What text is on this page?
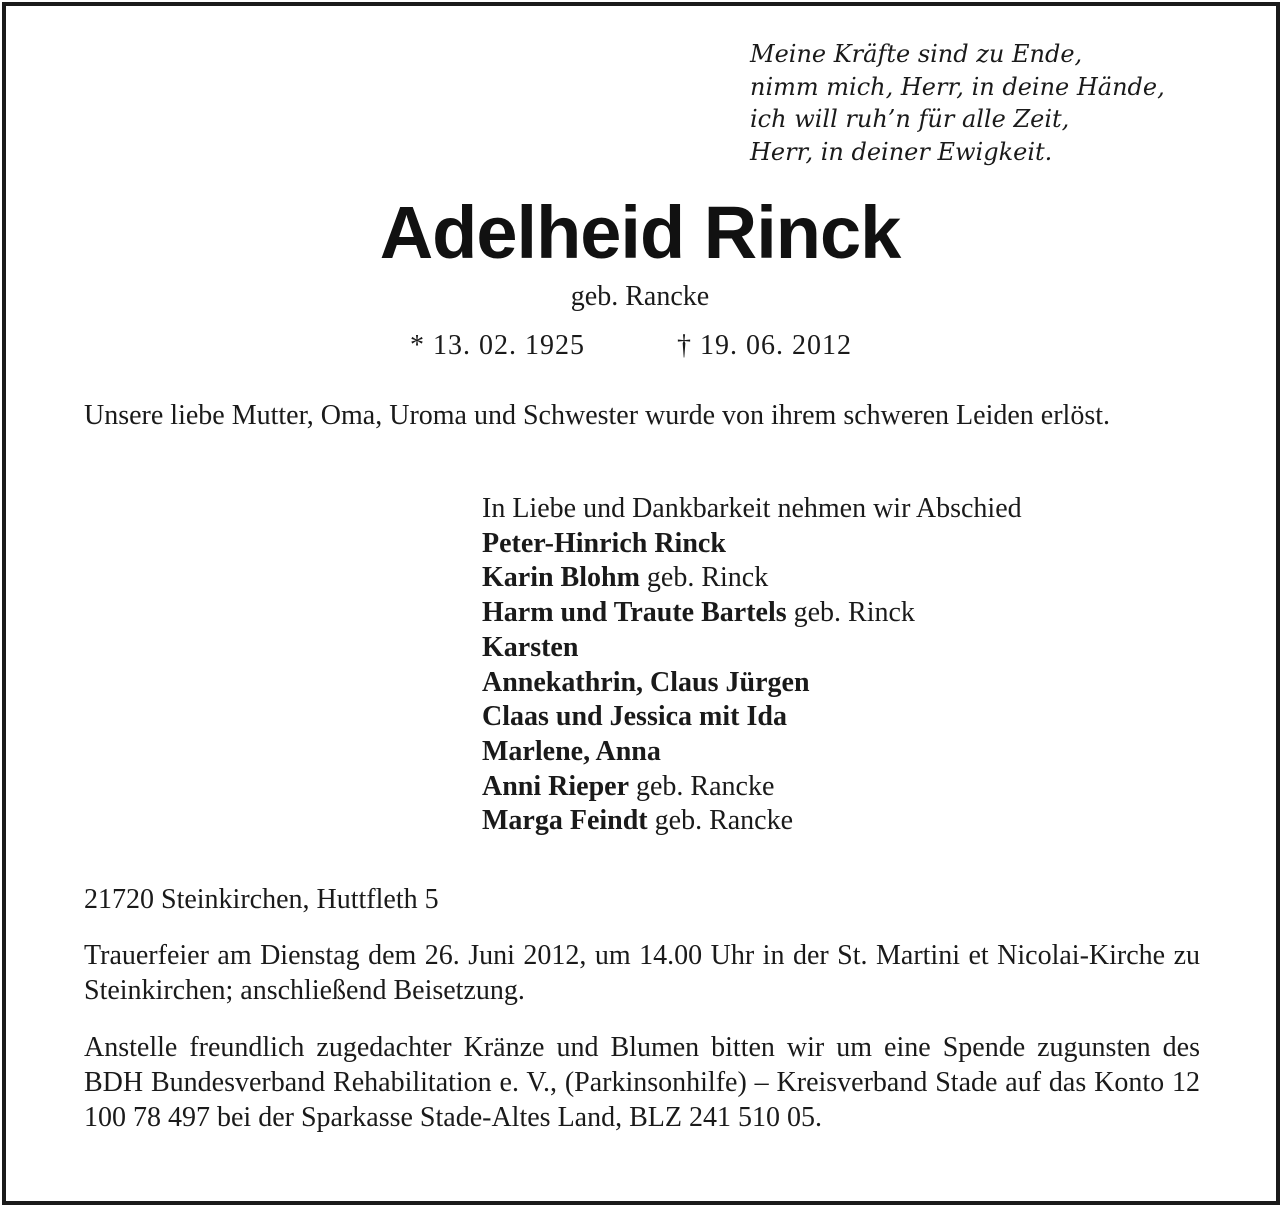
Meine Kräfte sind zu Ende,
nimm mich, Herr, in deine Hände,
ich will ruh’n für alle Zeit,
Herr, in deiner Ewigkeit.
Adelheid Rinck
geb. Rancke
* 13. 02. 1925	† 19. 06. 2012
Unsere liebe Mutter, Oma, Uroma und Schwester wurde von ihrem schweren Leiden erlöst.
In Liebe und Dankbarkeit nehmen wir Abschied
Peter-Hinrich Rinck
Karin Blohm geb. Rinck
Harm und Traute Bartels geb. Rinck
Karsten
Annekathrin, Claus Jürgen
Claas und Jessica mit Ida
Marlene, Anna
Anni Rieper geb. Rancke
Marga Feindt geb. Rancke
21720 Steinkirchen, Huttfleth 5
Trauerfeier am Dienstag dem 26. Juni 2012, um 14.00 Uhr in der St. Martini et Nicolai-Kirche zu Steinkirchen; anschließend Beisetzung.
Anstelle freundlich zugedachter Kränze und Blumen bitten wir um eine Spende zugunsten des BDH Bundesverband Rehabilitation e. V., (Parkinsonhilfe) – Kreisverband Stade auf das Konto 12 100 78 497 bei der Sparkasse Stade-Altes Land, BLZ 241 510 05.
